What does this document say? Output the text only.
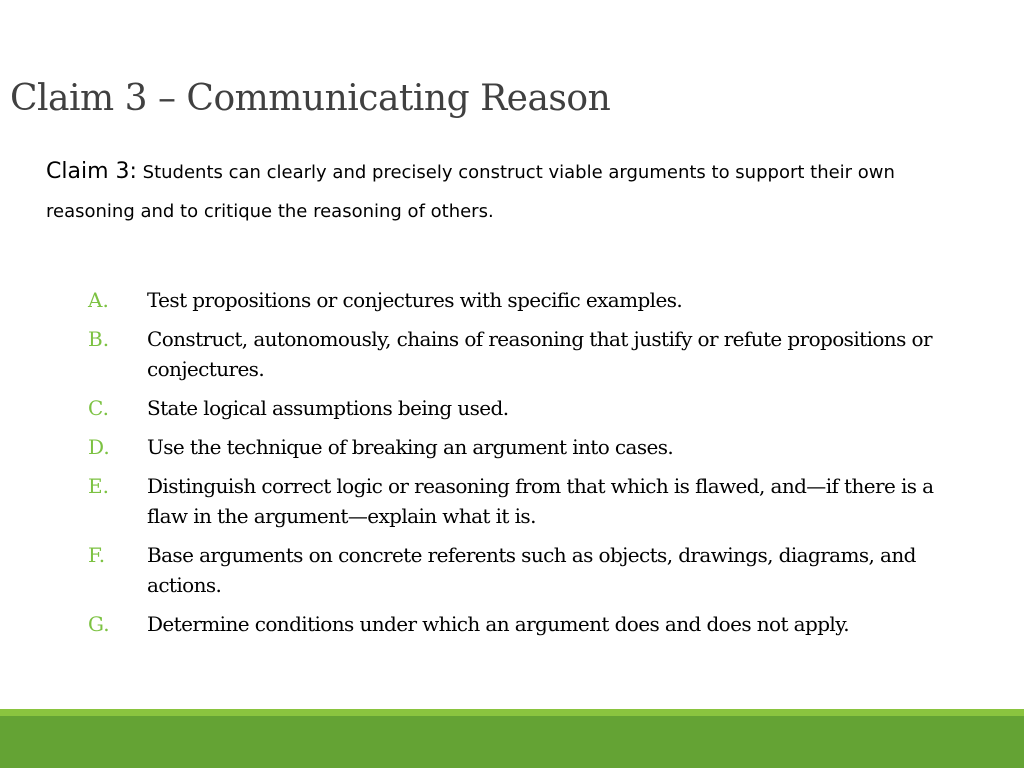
Claim 3 – Communicating Reason
Claim 3: Students can clearly and precisely construct viable arguments to support their own reasoning and to critique the reasoning of others.
A.	Test propositions or conjectures with specific examples.
B.	Construct, autonomously, chains of reasoning that justify or refute propositions or conjectures.
C.	State logical assumptions being used.
D.	Use the technique of breaking an argument into cases.
E.	Distinguish correct logic or reasoning from that which is flawed, and—if there is a flaw in the argument—explain what it is.
F.	Base arguments on concrete referents such as objects, drawings, diagrams, and actions.
G.	Determine conditions under which an argument does and does not apply.
